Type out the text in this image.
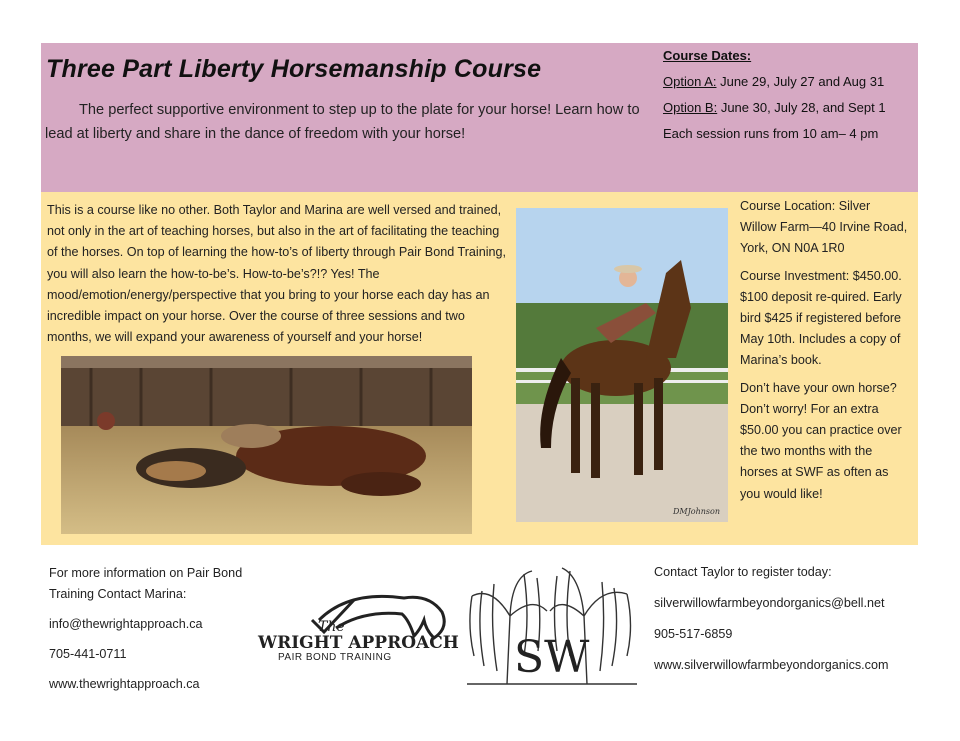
Three Part Liberty Horsemanship Course

The perfect supportive environment to step up to the plate for your horse! Learn how to lead at liberty and share in the dance of freedom with your horse!

Course Dates:

Option A: June 29, July 27 and Aug 31

Option B: June 30, July 28, and Sept 1

Each session runs from 10 am– 4 pm

This is a course like no other. Both Taylor and Marina are well versed and trained, not only in the art of teaching horses, but also in the art of facilitating the teaching of the horses. On top of learning the how-to’s of liberty through Pair Bond Training, you will also learn the how-to-be’s. How-to-be’s?!? Yes! The mood/emotion/energy/perspective that you bring to your horse each day has an incredible impact on your horse. Over the course of three sessions and two months, we will expand your awareness of yourself and your horse!

DMJohnson

Course Location: Silver Willow Farm—40 Irvine Road, York, ON N0A 1R0

Course Investment: $450.00. $100 deposit re-quired. Early bird $425 if registered before May 10th. Includes a copy of Marina’s book.

Don’t have your own horse? Don’t worry! For an extra $50.00 you can practice over the two months with the horses at SWF as often as you would like!

For more information on Pair Bond Training Contact Marina:

info@thewrightapproach.ca

705-441-0711

www.thewrightapproach.ca

The
WRIGHT APPROACH
PAIR BOND TRAINING	SW

Contact Taylor to register today:

silverwillowfarmbeyondorganics@bell.net

905-517-6859

www.silverwillowfarmbeyondorganics.com
